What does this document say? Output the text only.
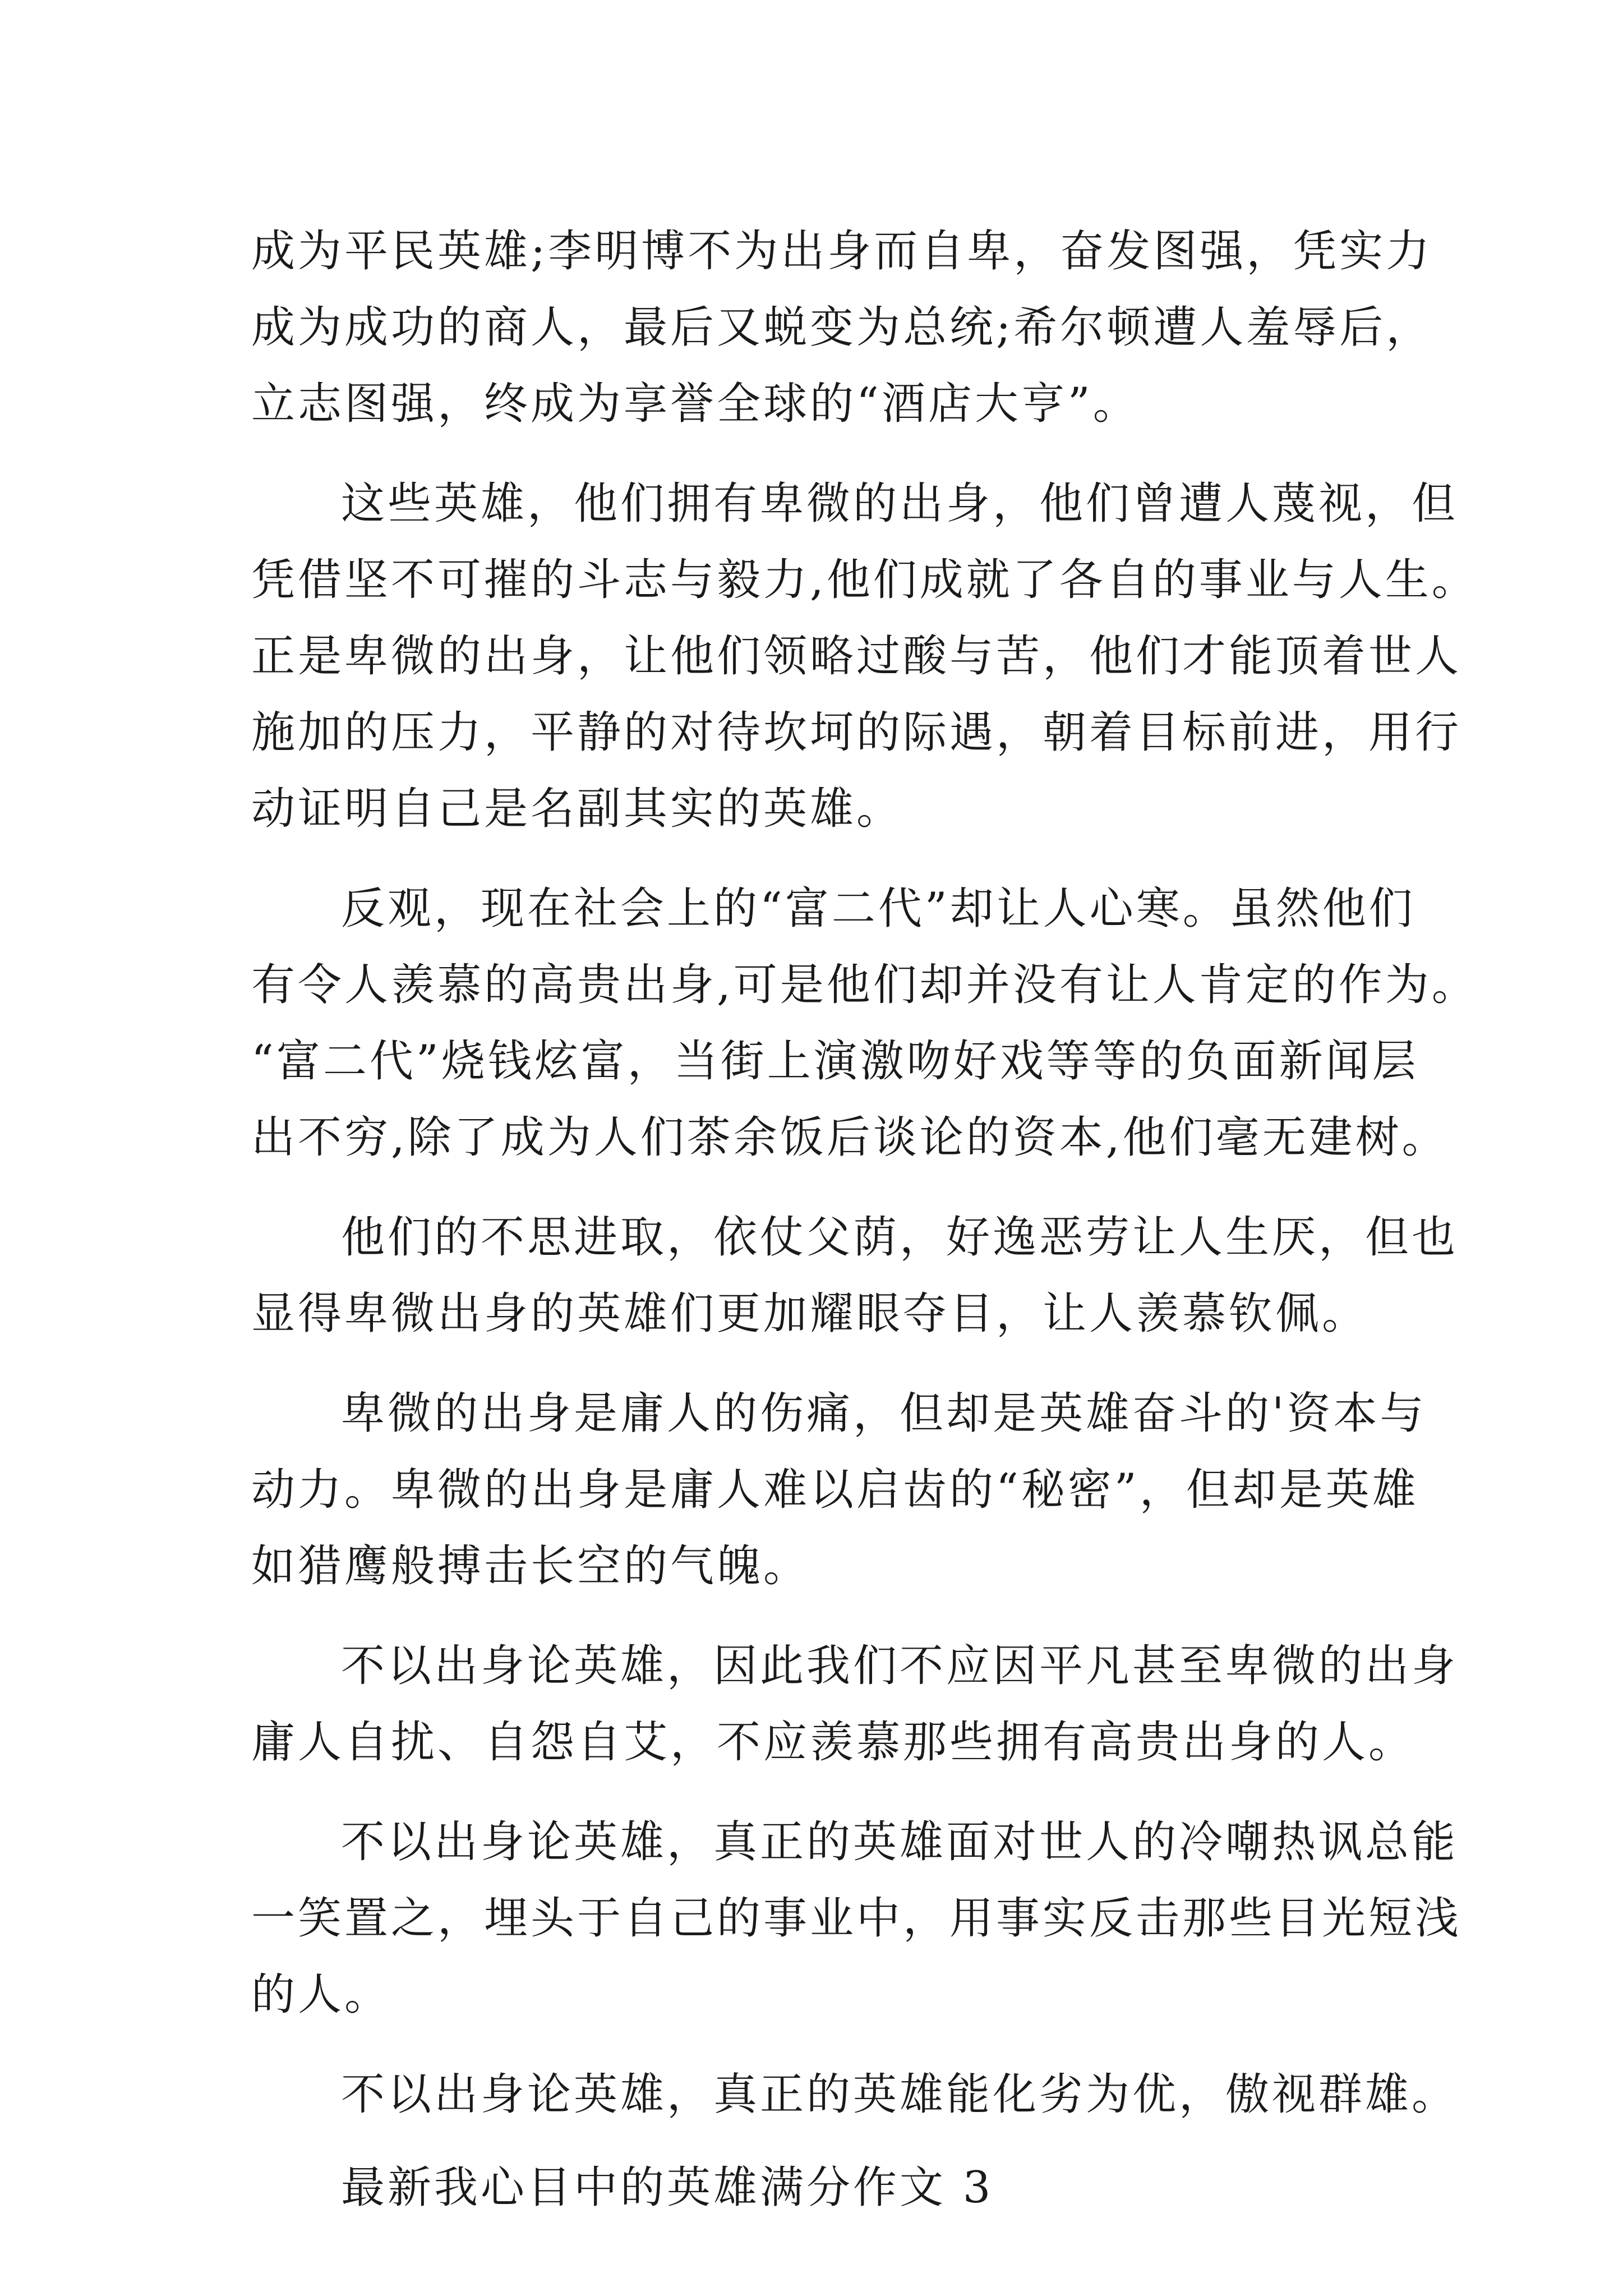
成为平民英雄;李明博不为出身而自卑，奋发图强，凭实力
成为成功的商人，最后又蜕变为总统;希尔顿遭人羞辱后，
立志图强，终成为享誉全球的“酒店大亨”。
这些英雄，他们拥有卑微的出身，他们曾遭人蔑视，但
凭借坚不可摧的斗志与毅力,他们成就了各自的事业与人生。
正是卑微的出身，让他们领略过酸与苦，他们才能顶着世人
施加的压力，平静的对待坎坷的际遇，朝着目标前进，用行
动证明自己是名副其实的英雄。
反观，现在社会上的“富二代”却让人心寒。虽然他们
有令人羡慕的高贵出身,可是他们却并没有让人肯定的作为。
“富二代”烧钱炫富，当街上演激吻好戏等等的负面新闻层
出不穷,除了成为人们茶余饭后谈论的资本,他们毫无建树。
他们的不思进取，依仗父荫，好逸恶劳让人生厌，但也
显得卑微出身的英雄们更加耀眼夺目，让人羡慕钦佩。
卑微的出身是庸人的伤痛，但却是英雄奋斗的'资本与
动力。卑微的出身是庸人难以启齿的“秘密”，但却是英雄
如猎鹰般搏击长空的气魄。
不以出身论英雄，因此我们不应因平凡甚至卑微的出身
庸人自扰、自怨自艾，不应羡慕那些拥有高贵出身的人。
不以出身论英雄，真正的英雄面对世人的冷嘲热讽总能
一笑置之，埋头于自己的事业中，用事实反击那些目光短浅
的人。
不以出身论英雄，真正的英雄能化劣为优，傲视群雄。
最新我心目中的英雄满分作文 3
